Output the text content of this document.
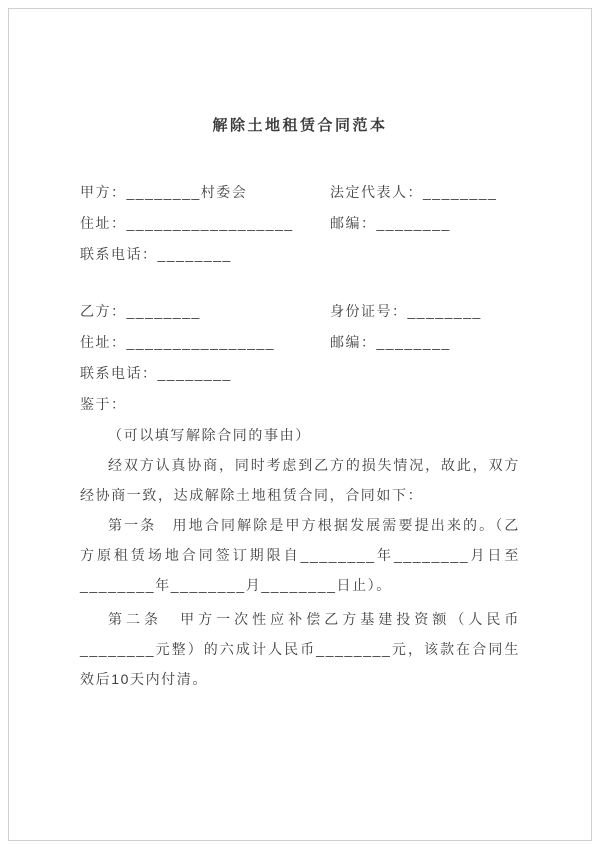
解除土地租赁合同范本
甲方：________村委会	法定代表人：________
住址：__________________	邮编：________
联系电话：________
乙方：________	身份证号：________
住址：________________	邮编：________
联系电话：________
鉴于：

（可以填写解除合同的事由）

经双方认真协商，同时考虑到乙方的损失情况，故此，双方经协商一致，达成解除土地租赁合同，合同如下：

第一条　用地合同解除是甲方根据发展需要提出来的。（乙方原租赁场地合同签订期限自________年________月日至________年________月________日止）。

第二条　甲方一次性应补偿乙方基建投资额（人民币________元整）的六成计人民币________元，该款在合同生效后10天内付清。
